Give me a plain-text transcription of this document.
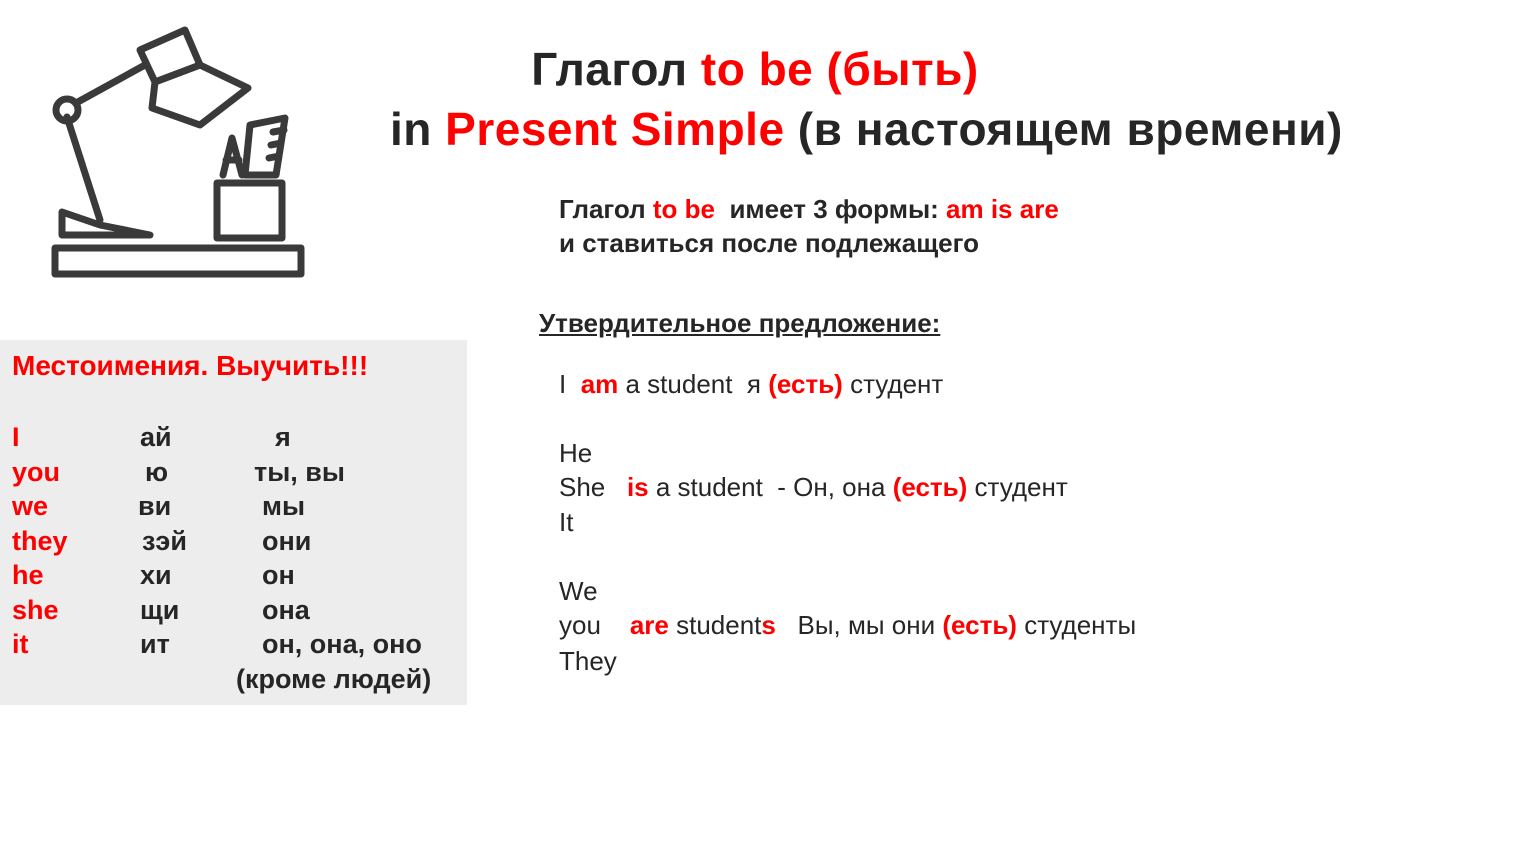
Глагол to be (быть)
in Present Simple (в настоящем времени)
Глагол to be  имеет 3 формы: am is are
и ставиться после подлежащего
Утвердительное предложение:
I am a student  я (есть) студент
He
She is a student  - Он, она (есть) студент
It
We
you are students   Вы, мы они (есть) студенты
They
Местоимения. Выучить!!!
I	ай	я
you	ю	ты, вы
we	ви	мы
they	зэй	они
he	хи	он
she	щи	она
it	ит	он, она, оно
(кроме людей)
